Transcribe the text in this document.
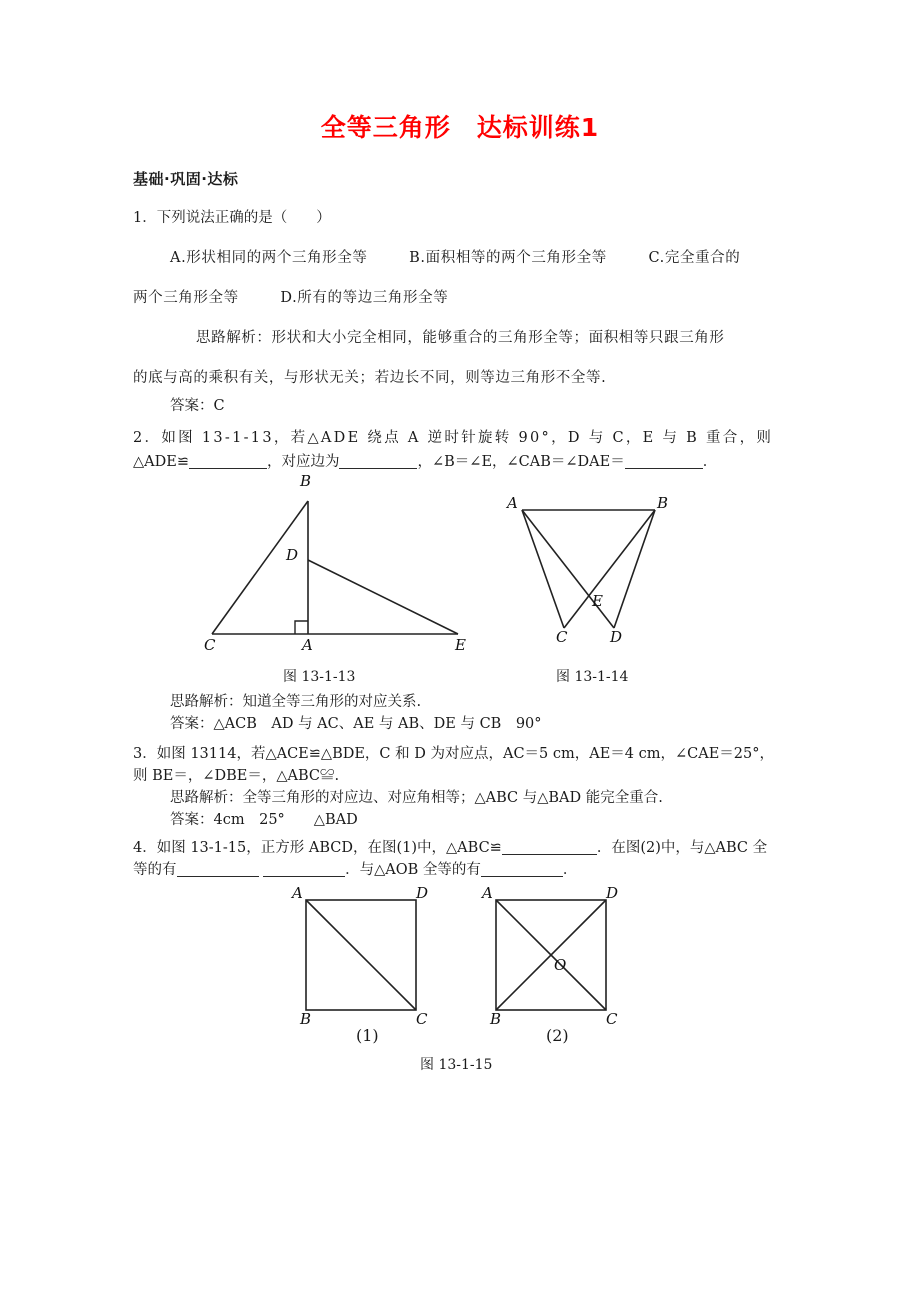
全等三角形　达标训练1
基础·巩固·达标
1．下列说法正确的是（　　）
A.形状相同的两个三角形全等        B.面积相等的两个三角形全等        C.完全重合的
两个三角形全等        D.所有的等边三角形全等
思路解析：形状和大小完全相同，能够重合的三角形全等；面积相等只跟三角形
的底与高的乘积有关，与形状无关；若边长不同，则等边三角形不全等.
答案：C
2．如图 13-1-13，若△ADE 绕点 A 逆时针旋转 90°，D 与 C，E 与 B 重合，则
△ADE≌	，对应边为	，∠B＝∠E，∠CAB＝∠DAE＝	．
B
D
C	A	E
A	B
E
C	D
图 13-1-13	图 13-1-14
思路解析：知道全等三角形的对应关系.
答案：△ACB　AD 与 AC、AE 与 AB、DE 与 CB　90°
3．如图 13114，若△ACE≌△BDE，C 和 D 为对应点，AC＝5 cm，AE＝4 cm，∠CAE＝25°，
则 BE＝，∠DBE＝，△ABC≌.
思路解析：全等三角形的对应边、对应角相等；△ABC 与△BAD 能完全重合.
答案：4cm　25°　　△BAD
4．如图 13-1-15，正方形 ABCD，在图(1)中，△ABC≌	．在图(2)中，与△ABC 全
等的有	．与△AOB 全等的有	．
A	D
B	C
A	D
B	C
O
(1)	(2)
图 13-1-15
